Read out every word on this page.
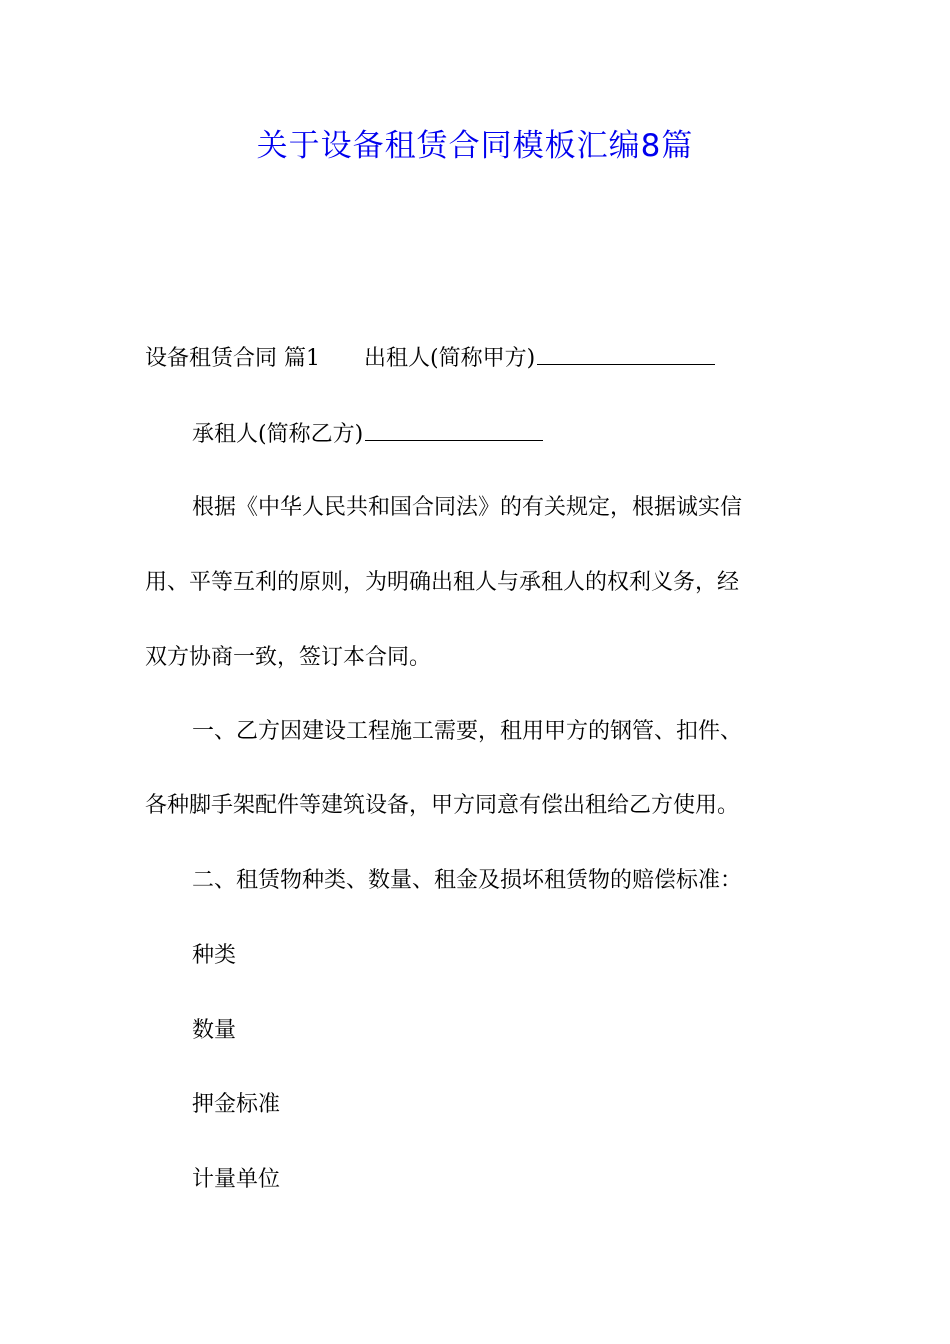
关于设备租赁合同模板汇编8篇
设备租赁合同 篇1 出租人(简称甲方)
承租人(简称乙方)
根据《中华人民共和国合同法》的有关规定，根据诚实信
用、平等互利的原则，为明确出租人与承租人的权利义务，经
双方协商一致，签订本合同。
一、乙方因建设工程施工需要，租用甲方的钢管、扣件、
各种脚手架配件等建筑设备，甲方同意有偿出租给乙方使用。
二、租赁物种类、数量、租金及损坏租赁物的赔偿标准：
种类
数量
押金标准
计量单位
